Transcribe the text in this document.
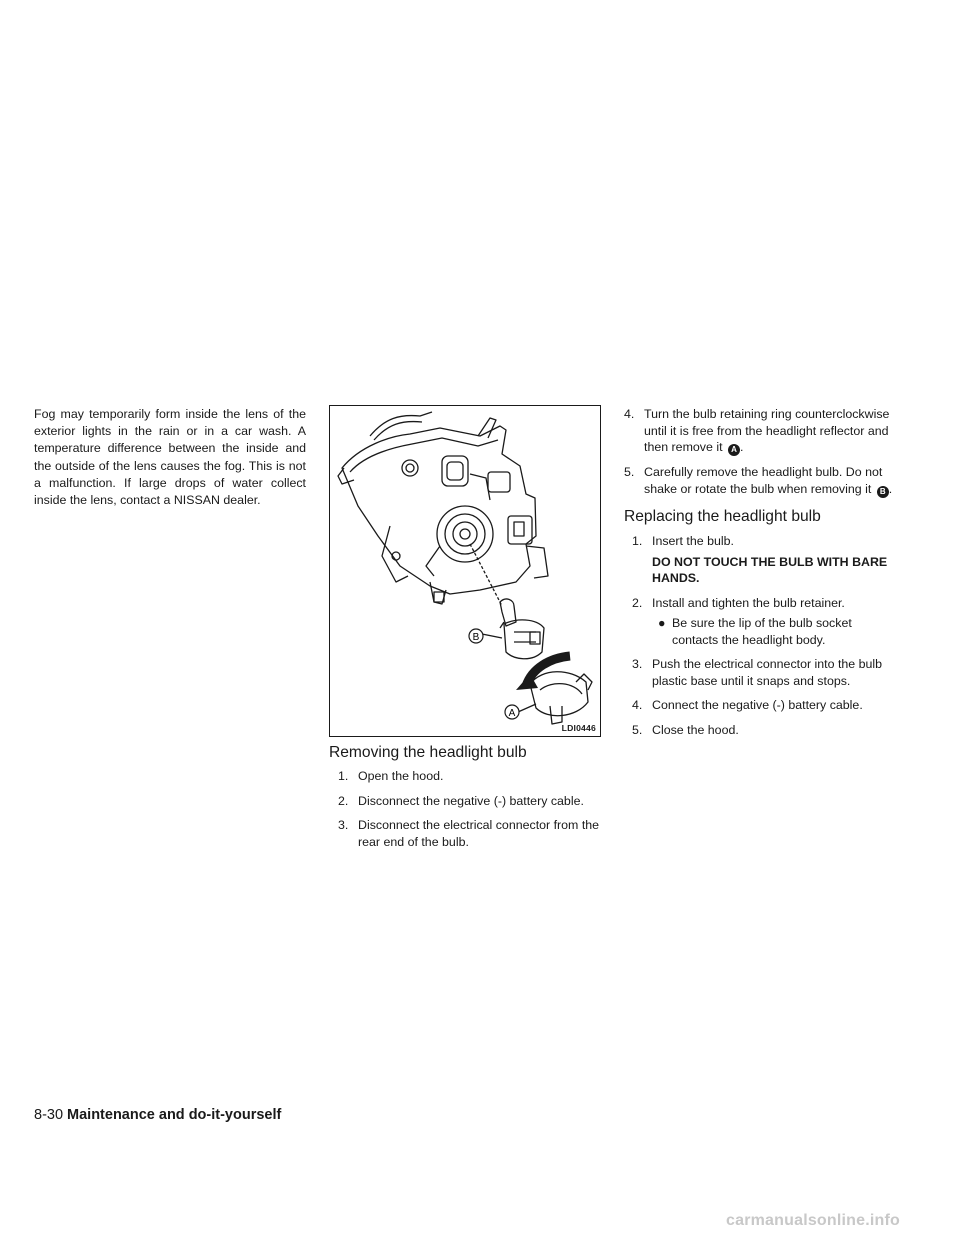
Fog may temporarily form inside the lens of the exterior lights in the rain or in a car wash. A temperature difference between the inside and the outside of the lens causes the fog. This is not a malfunction. If large drops of water collect inside the lens, contact a NISSAN dealer.

B
A
LDI0446
Removing the headlight bulb
1. Open the hood.
2. Disconnect the negative (-) battery cable.
3. Disconnect the electrical connector from the rear end of the bulb.
4. Turn the bulb retaining ring counterclockwise until it is free from the headlight reflector and then remove it A .
5. Carefully remove the headlight bulb. Do not shake or rotate the bulb when removing it B .
Replacing the headlight bulb
1. Insert the bulb.

DO NOT TOUCH THE BULB WITH BARE HANDS.

2. Install and tighten the bulb retainer.
● Be sure the lip of the bulb socket contacts the headlight body.
3. Push the electrical connector into the bulb plastic base until it snaps and stops.
4. Connect the negative (-) battery cable.
5. Close the hood.
8-30 Maintenance and do-it-yourself
carmanualsonline.info
